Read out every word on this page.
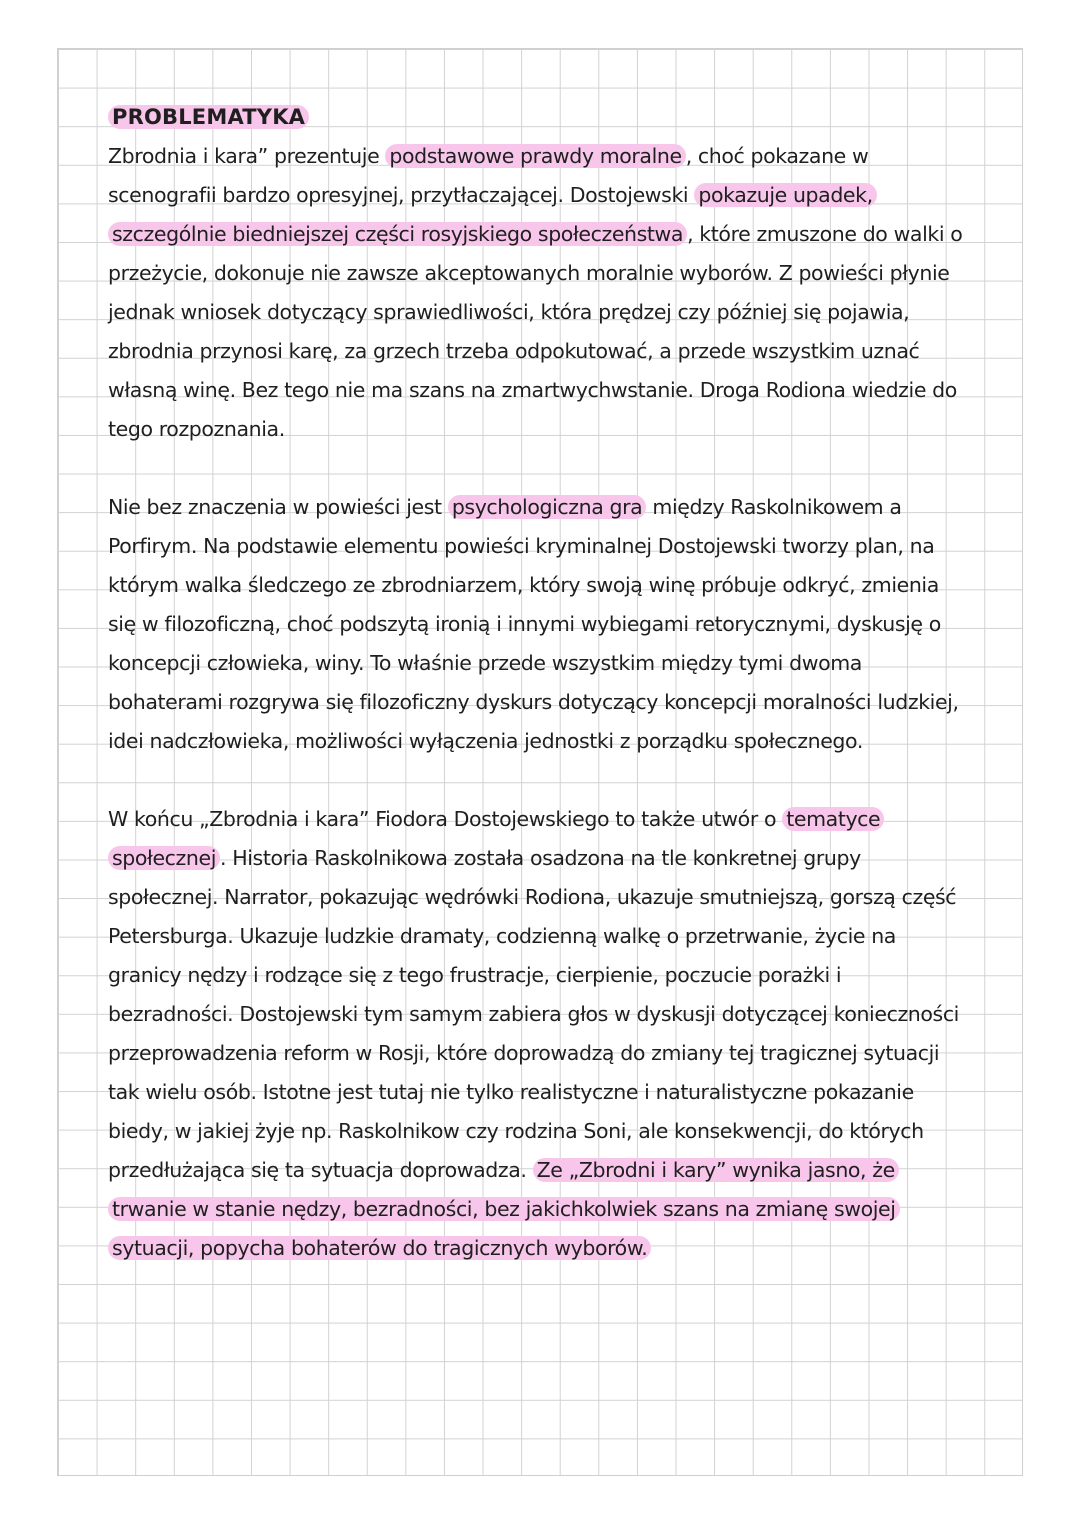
PROBLEMATYKA

Zbrodnia i kara” prezentuje podstawowe prawdy moralne , choć pokazane w scenografii bardzo opresyjnej, przytłaczającej. Dostojewski pokazuje upadek, szczególnie biedniejszej części rosyjskiego społeczeństwa , które zmuszone do walki o przeżycie, dokonuje nie zawsze akceptowanych moralnie wyborów. Z powieści płynie jednak wniosek dotyczący sprawiedliwości, która prędzej czy później się pojawia, zbrodnia przynosi karę, za grzech trzeba odpokutować, a przede wszystkim uznać własną winę. Bez tego nie ma szans na zmartwychwstanie. Droga Rodiona wiedzie do tego rozpoznania.

Nie bez znaczenia w powieści jest psychologiczna gra między Raskolnikowem a Porfirym. Na podstawie elementu powieści kryminalnej Dostojewski tworzy plan, na którym walka śledczego ze zbrodniarzem, który swoją winę próbuje odkryć, zmienia się w filozoficzną, choć podszytą ironią i innymi wybiegami retorycznymi, dyskusję o koncepcji człowieka, winy. To właśnie przede wszystkim między tymi dwoma bohaterami rozgrywa się filozoficzny dyskurs dotyczący koncepcji moralności ludzkiej, idei nadczłowieka, możliwości wyłączenia jednostki z porządku społecznego.

W końcu „Zbrodnia i kara” Fiodora Dostojewskiego to także utwór o tematyce społecznej . Historia Raskolnikowa została osadzona na tle konkretnej grupy społecznej. Narrator, pokazując wędrówki Rodiona, ukazuje smutniejszą, gorszą część Petersburga. Ukazuje ludzkie dramaty, codzienną walkę o przetrwanie, życie na granicy nędzy i rodzące się z tego frustracje, cierpienie, poczucie porażki i bezradności. Dostojewski tym samym zabiera głos w dyskusji dotyczącej konieczności przeprowadzenia reform w Rosji, które doprowadzą do zmiany tej tragicznej sytuacji tak wielu osób. Istotne jest tutaj nie tylko realistyczne i naturalistyczne pokazanie biedy, w jakiej żyje np. Raskolnikow czy rodzina Soni, ale konsekwencji, do których przedłużająca się ta sytuacja doprowadza. Ze „Zbrodni i kary” wynika jasno, że trwanie w stanie nędzy, bezradności, bez jakichkolwiek szans na zmianę swojej sytuacji, popycha bohaterów do tragicznych wyborów.
